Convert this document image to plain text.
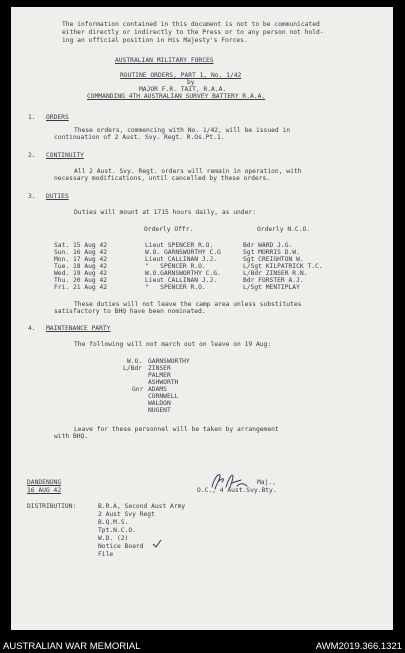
The information contained in this document is not to be communicated
either directly or indirectly to the Press or to any person not hold-
ing an official position in His Majesty's Forces.
AUSTRALIAN MILITARY FORCES
ROUTINE ORDERS, PART 1, No. 1/42
by
MAJOR F.R. TAIT, R.A.A.
COMMANDING 4TH AUSTRALIAN SURVEY BATTERY R.A.A.
1. ORDERS
These orders, commencing with No. 1/42, will be issued in
continuation of 2 Aust. Svy. Regt. R.Os.Pt.1.
2. CONTINUITY
All 2 Aust. Svy. Regt. orders will remain in operation, with
necessary modifications, until cancelled by these orders.
3. DUTIES
Duties will mount at 1715 hours daily, as under:
Orderly Offr.	Orderly N.C.O.
Sat. 15 Aug 42	Lieut SPENCER R.O.	Bdr WARD J.G.
Sun. 16 Aug 42	W.O. GARNSWORTHY C.G	Sgt MORRIS D.W.
Mon. 17 Aug 42	Lieut CALLINAN J.J.	Sgt CREIGHTON W.
Tue. 18 Aug 42	"   SPENCER R.O.	L/Sgt KILPATRICK T.C.
Wed. 19 Aug 42	W.O.GARNSWORTHY C.G.	L/Bdr ZINSER R.N.
Thu. 20 Aug 42	Lieut CALLINAN J.J.	Bdr FORSTER A.J.
Fri. 21 Aug 42	"   SPENCER R.O.	L/Sgt MENTIPLAY
These duties will not leave the camp area unless substitutes
satisfactory to BHQ have been nominated.
4. MAINTENANCE PARTY
The following will not march out on leave on 19 Aug:
W.O. GARNSWORTHY
L/Bdr ZINSER
PALMER
ASHWORTH
Gnr ADAMS
CORNWELL
WALDON
NUGENT
Leave for these personnel will be taken by arrangement
with BHQ.
Maj.,
O.C., 4 Aust.Svy.Bty.
DANDENONG
16 AUG 42
DISTRIBUTION:	B.R.A, Second Aust Army
2 Aust Svy Regt
B.Q.M.S.
Tpt.N.C.O.
W.D. (2)
Notice Board
File
AUSTRALIAN WAR MEMORIAL	AWM2019.366.1321
